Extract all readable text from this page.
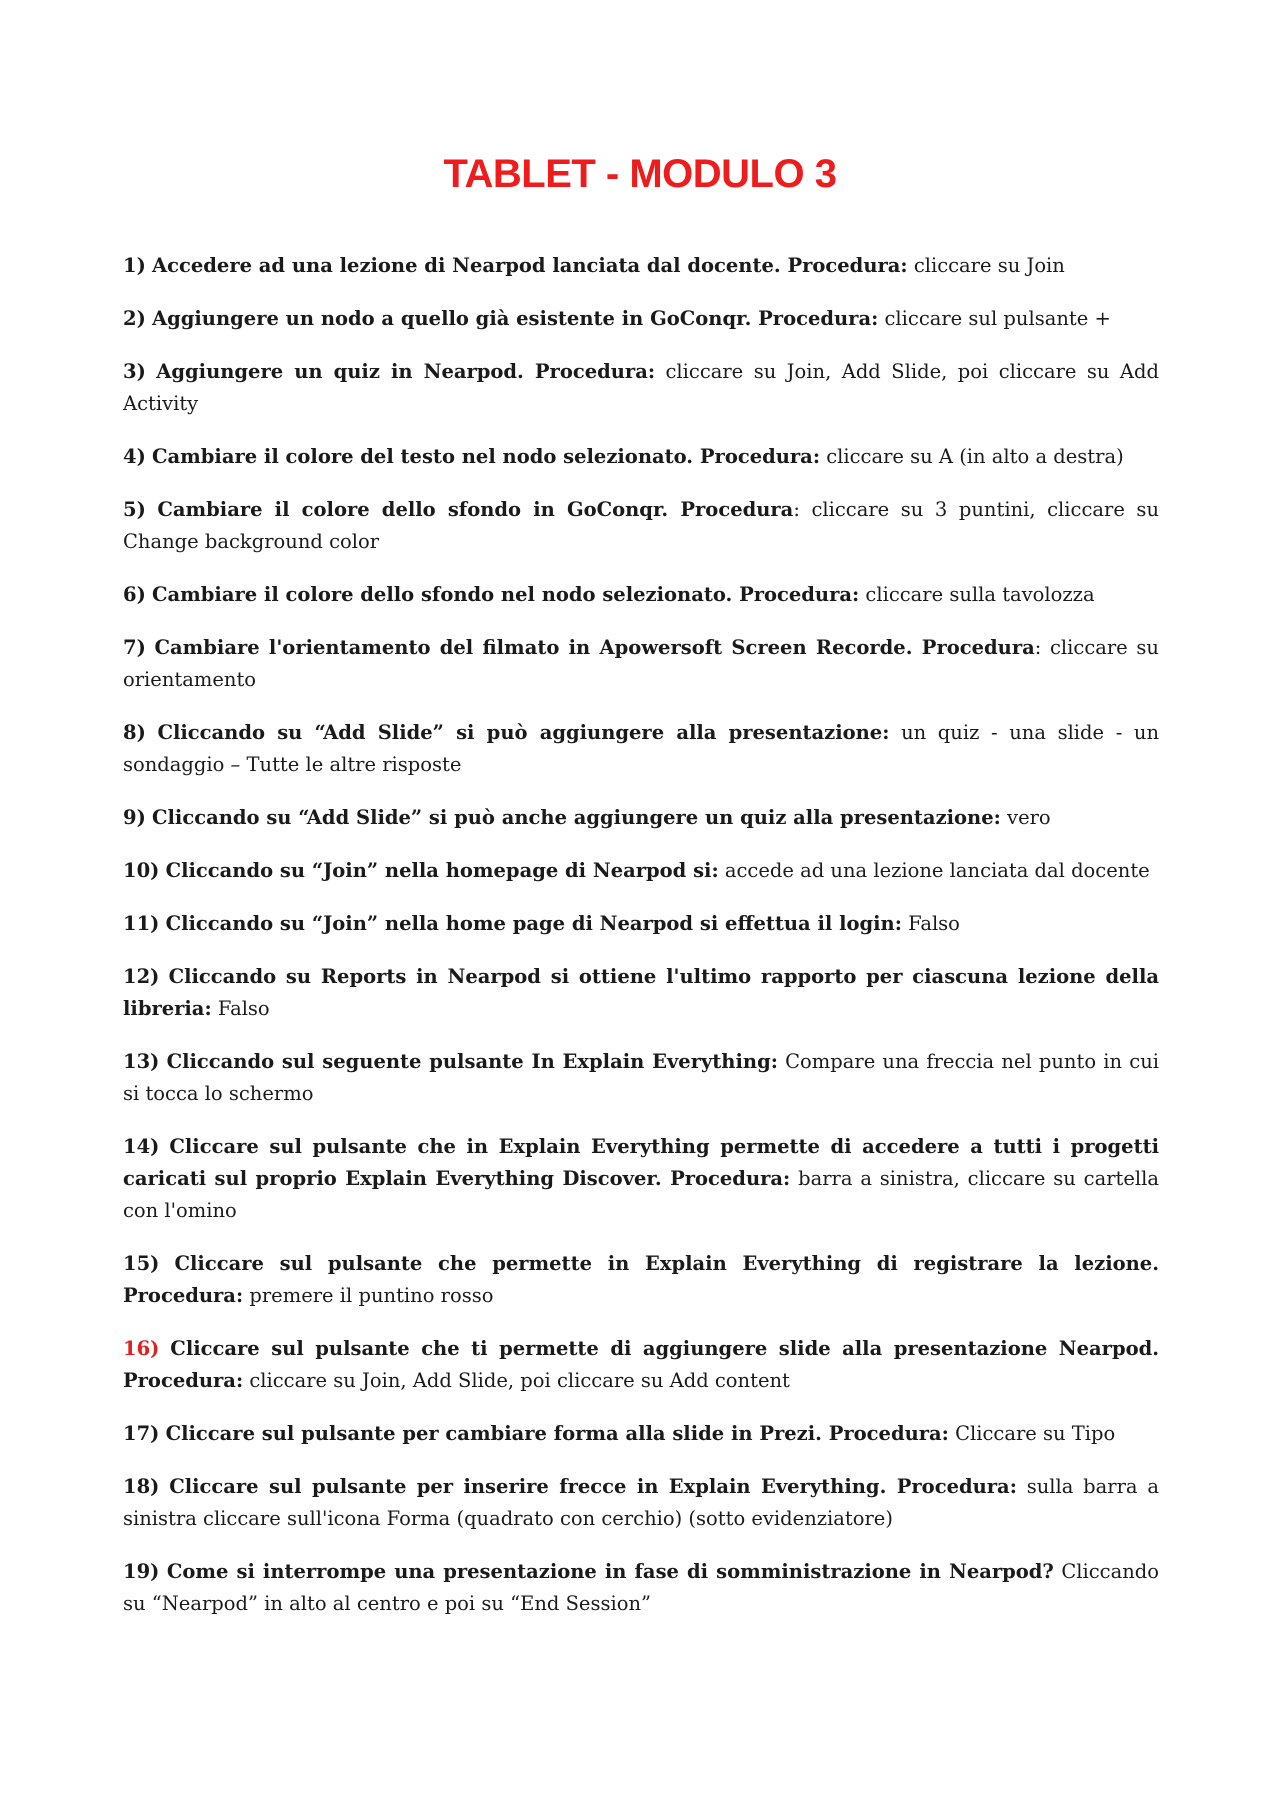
TABLET - MODULO 3

1) Accedere ad una lezione di Nearpod lanciata dal docente. Procedura: cliccare su Join

2) Aggiungere un nodo a quello già esistente in GoConqr. Procedura: cliccare sul pulsante +

3) Aggiungere un quiz in Nearpod. Procedura: cliccare su Join, Add Slide, poi cliccare su Add Activity

4) Cambiare il colore del testo nel nodo selezionato. Procedura: cliccare su A (in alto a destra)

5) Cambiare il colore dello sfondo in GoConqr. Procedura: cliccare su 3 puntini, cliccare su Change background color

6) Cambiare il colore dello sfondo nel nodo selezionato. Procedura: cliccare sulla tavolozza

7) Cambiare l'orientamento del filmato in Apowersoft Screen Recorde. Procedura: cliccare su orientamento

8) Cliccando su “Add Slide” si può aggiungere alla presentazione: un quiz - una slide - un sondaggio – Tutte le altre risposte

9) Cliccando su “Add Slide” si può anche aggiungere un quiz alla presentazione: vero

10) Cliccando su “Join” nella homepage di Nearpod si: accede ad una lezione lanciata dal docente

11) Cliccando su “Join” nella home page di Nearpod si effettua il login: Falso

12) Cliccando su Reports in Nearpod si ottiene l'ultimo rapporto per ciascuna lezione della libreria: Falso

13) Cliccando sul seguente pulsante In Explain Everything: Compare una freccia nel punto in cui si tocca lo schermo

14) Cliccare sul pulsante che in Explain Everything permette di accedere a tutti i progetti caricati sul proprio Explain Everything Discover. Procedura: barra a sinistra, cliccare su cartella con l'omino

15) Cliccare sul pulsante che permette in Explain Everything di registrare la lezione. Procedura: premere il puntino rosso

16) Cliccare sul pulsante che ti permette di aggiungere slide alla presentazione Nearpod. Procedura: cliccare su Join, Add Slide, poi cliccare su Add content

17) Cliccare sul pulsante per cambiare forma alla slide in Prezi. Procedura: Cliccare su Tipo

18) Cliccare sul pulsante per inserire frecce in Explain Everything. Procedura: sulla barra a sinistra cliccare sull'icona Forma (quadrato con cerchio) (sotto evidenziatore)

19) Come si interrompe una presentazione in fase di somministrazione in Nearpod? Cliccando su “Nearpod” in alto al centro e poi su “End Session”
